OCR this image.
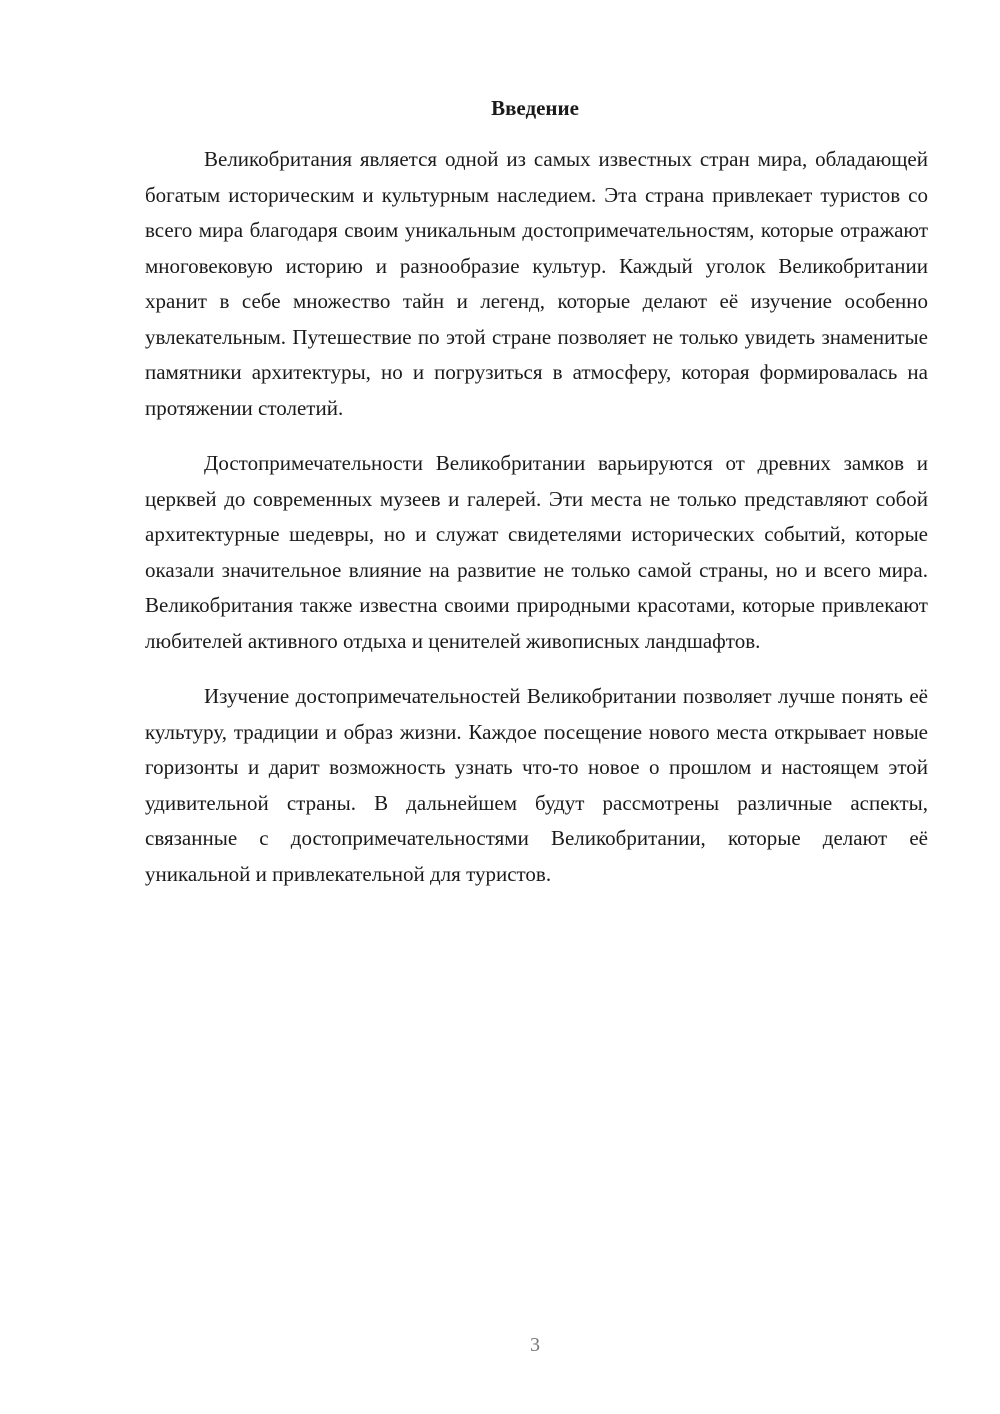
Введение

Великобритания является одной из самых известных стран мира, обладающей богатым историческим и культурным наследием. Эта страна привлекает туристов со всего мира благодаря своим уникальным достопримечательностям, которые отражают многовековую историю и разнообразие культур. Каждый уголок Великобритании хранит в себе множество тайн и легенд, которые делают её изучение особенно увлекательным. Путешествие по этой стране позволяет не только увидеть знаменитые памятники архитектуры, но и погрузиться в атмосферу, которая формировалась на протяжении столетий.

Достопримечательности Великобритании варьируются от древних замков и церквей до современных музеев и галерей. Эти места не только представляют собой архитектурные шедевры, но и служат свидетелями исторических событий, которые оказали значительное влияние на развитие не только самой страны, но и всего мира. Великобритания также известна своими природными красотами, которые привлекают любителей активного отдыха и ценителей живописных ландшафтов.

Изучение достопримечательностей Великобритании позволяет лучше понять её культуру, традиции и образ жизни. Каждое посещение нового места открывает новые горизонты и дарит возможность узнать что-то новое о прошлом и настоящем этой удивительной страны. В дальнейшем будут рассмотрены различные аспекты, связанные с достопримечательностями Великобритании, которые делают её уникальной и привлекательной для туристов.

3
